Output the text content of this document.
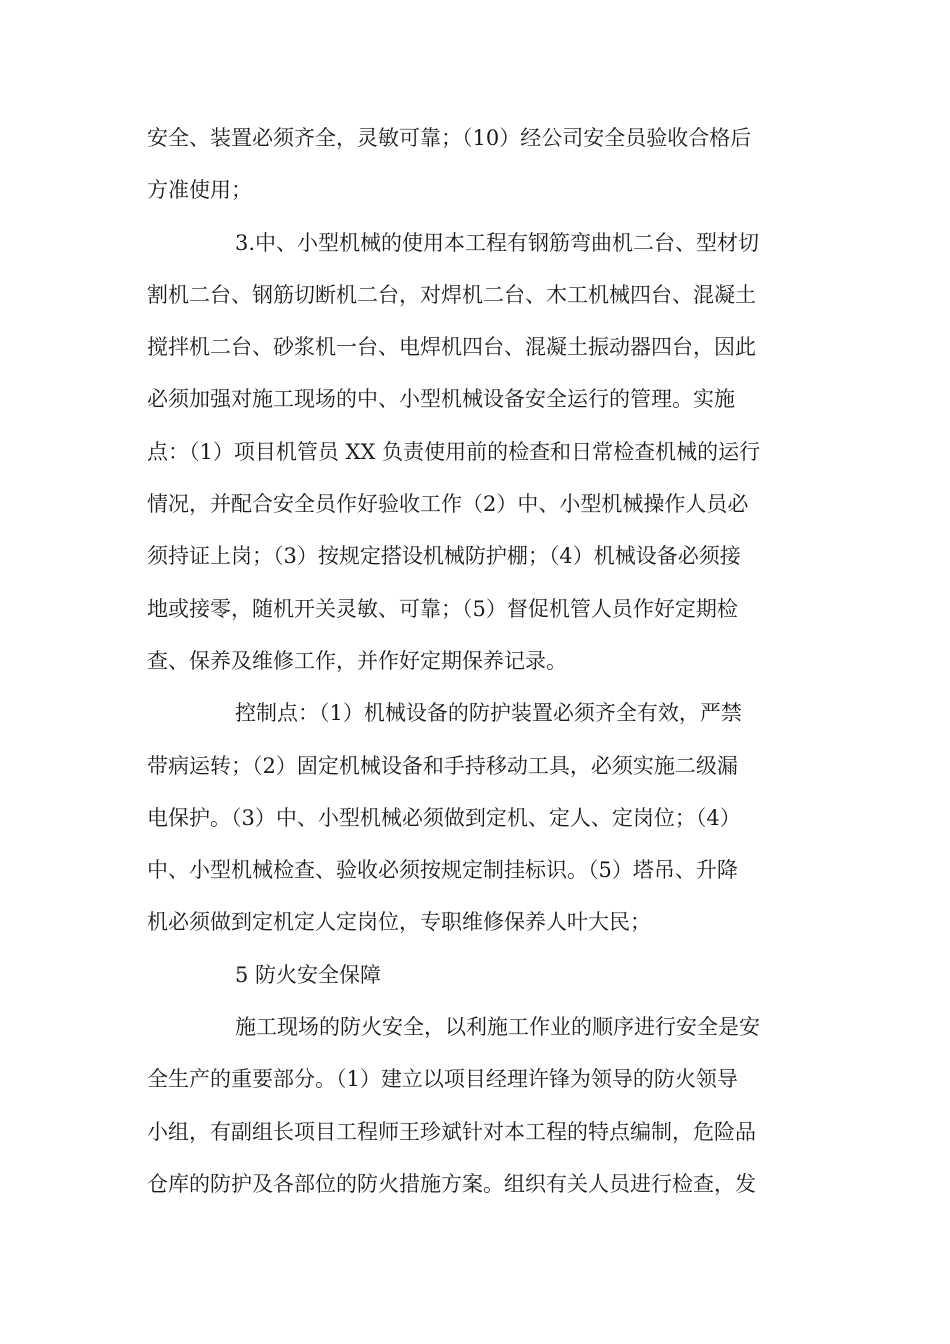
安全、装置必须齐全，灵敏可靠；（10）经公司安全员验收合格后
方准使用；
3.中、小型机械的使用本工程有钢筋弯曲机二台、型材切
割机二台、钢筋切断机二台，对焊机二台、木工机械四台、混凝土
搅拌机二台、砂浆机一台、电焊机四台、混凝土振动器四台，因此
必须加强对施工现场的中、小型机械设备安全运行的管理。实施
点：（1）项目机管员 XX 负责使用前的检查和日常检查机械的运行
情况，并配合安全员作好验收工作（2）中、小型机械操作人员必
须持证上岗；（3）按规定搭设机械防护棚；（4）机械设备必须接
地或接零，随机开关灵敏、可靠；（5）督促机管人员作好定期检
查、保养及维修工作，并作好定期保养记录。
控制点：（1）机械设备的防护装置必须齐全有效，严禁
带病运转；（2）固定机械设备和手持移动工具，必须实施二级漏
电保护。（3）中、小型机械必须做到定机、定人、定岗位；（4）
中、小型机械检查、验收必须按规定制挂标识。（5）塔吊、升降
机必须做到定机定人定岗位，专职维修保养人叶大民；
5 防火安全保障
施工现场的防火安全，以利施工作业的顺序进行安全是安
全生产的重要部分。（1）建立以项目经理许锋为领导的防火领导
小组，有副组长项目工程师王珍斌针对本工程的特点编制，危险品
仓库的防护及各部位的防火措施方案。组织有关人员进行检查，发
